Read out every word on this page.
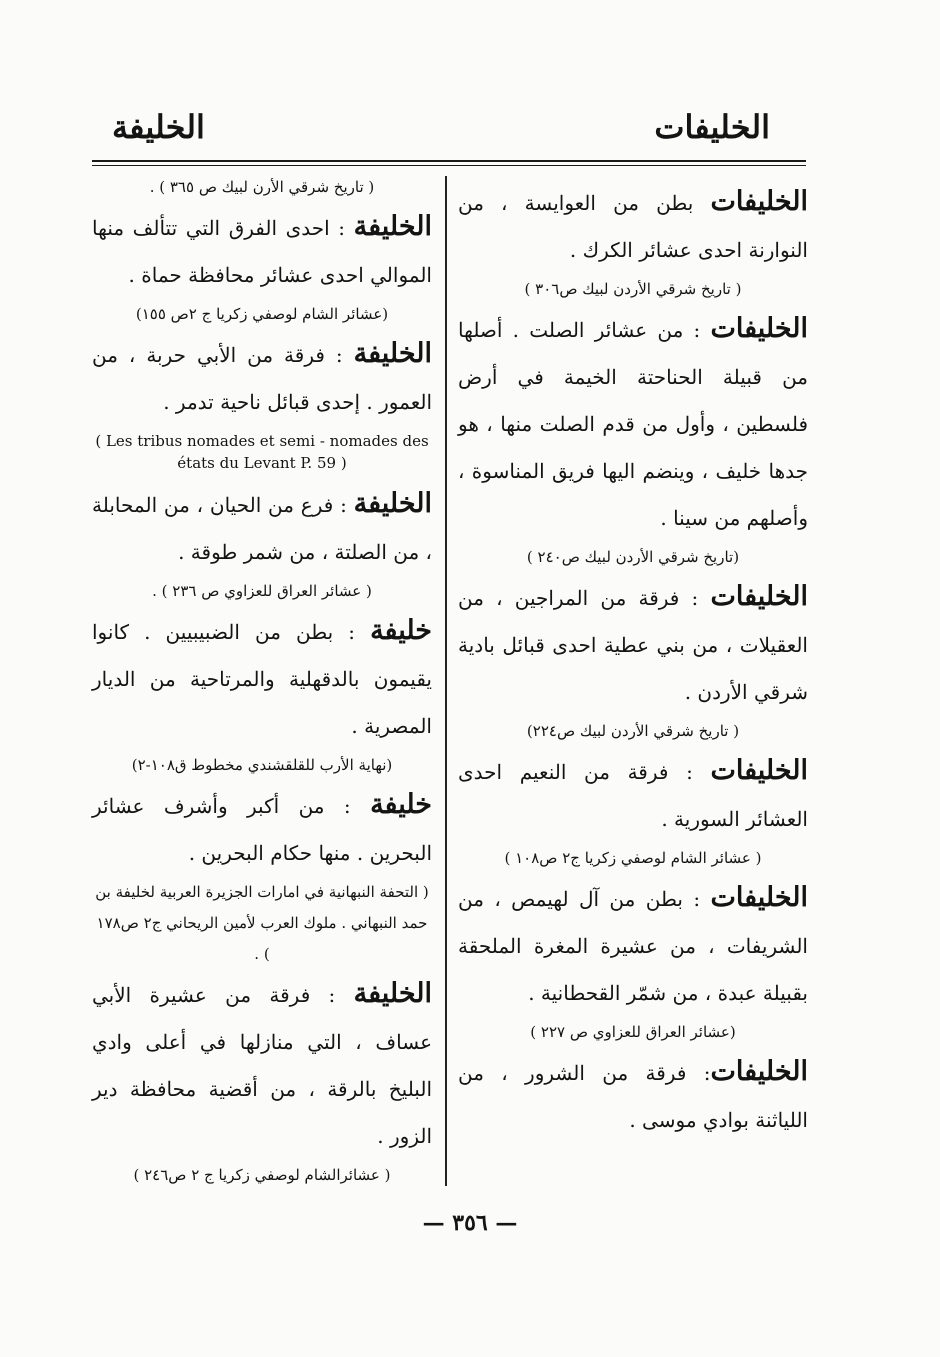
الخليفات
الخليفة

الخليفات بطن من العوايسة ، من النوارنة احدى عشائر الكرك .

( تاريخ شرقي الأردن لبيك ص٣٠٦ )

الخليفات : من عشائر الصلت . أصلها من قبيلة الحناحتة الخيمة في أرض فلسطين ، وأول من قدم الصلت منها ، هو جدها خليف ، وينضم اليها فريق المناسوة ، وأصلهم من سينا .

(تاريخ شرقي الأردن لبيك ص٢٤٠ )

الخليفات : فرقة من المراجين ، من العقيلات ، من بني عطية احدى قبائل بادية شرقي الأردن .

( تاريخ شرقي الأردن لبيك ص٢٢٤)

الخليفات : فرقة من النعيم احدى العشائر السورية .

( عشائر الشام لوصفي زكريا ج٢ ص١٠٨ )

الخليفات : بطن من آل لهيمص ، من الشريفات ، من عشيرة المغرة الملحقة بقبيلة عبدة ، من شمّر القحطانية .

(عشائر العراق للعزاوي ص ٢٢٧ )

الخليفات: فرقة من الشرور ، من اللياثنة بوادي موسى .

( تاريخ شرقي الأرن لبيك ص ٣٦٥ ) .

الخليفة : احدى الفرق التي تتألف منها الموالي احدى عشائر محافظة حماة .

(عشائر الشام لوصفي زكريا ج ٢ص ١٥٥)

الخليفة : فرقة من الأبي حربة ، من العمور . إحدى قبائل ناحية تدمر .

( Les tribus nomades et semi - nomades des états du Levant P. 59 )

الخليفة : فرع من الحيان ، من المحابلة ، من الصلتة ، من شمر طوقة .

( عشائر العراق للعزاوي ص ٢٣٦ ) .

خليفة : بطن من الضبيبيين . كانوا يقيمون بالدقهلية والمرتاحية من الديار المصرية .

(نهاية الأرب للقلقشندي مخطوط ق١٠٨-٢)

خليفة : من أكبر وأشرف عشائر البحرين . منها حكام البحرين .

( التحفة النبهانية في امارات الجزيرة العربية لخليفة بن حمد النبهاني . ملوك العرب لأمين الريحاني ج٢ ص١٧٨ ) .

الخليفة : فرقة من عشيرة الأبي عساف ، التي منازلها في أعلى وادي البليخ بالرقة ، من أقضية محافظة دير الزور .

( عشائرالشام لوصفي زكريا ج ٢ ص٢٤٦ )

— ٣٥٦ —
